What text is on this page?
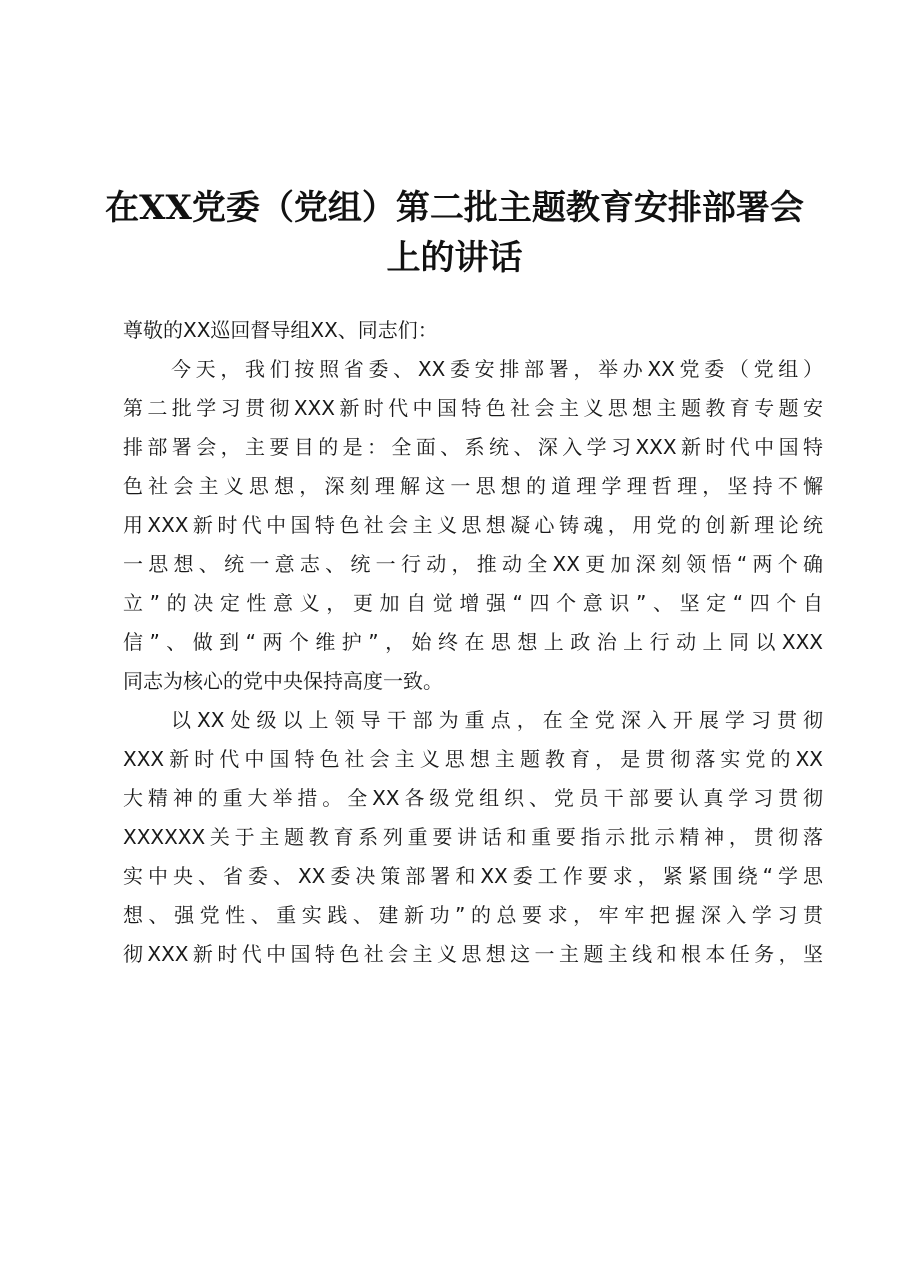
在XX党委（党组）第二批主题教育安排部署会
上的讲话
尊敬的XX巡回督导组XX、同志们：
今天，我们按照省委、XX委安排部署，举办XX党委（党组）
第二批学习贯彻XXX新时代中国特色社会主义思想主题教育专题安
排部署会，主要目的是：全面、系统、深入学习XXX新时代中国特
色社会主义思想，深刻理解这一思想的道理学理哲理，坚持不懈
用XXX新时代中国特色社会主义思想凝心铸魂，用党的创新理论统
一思想、统一意志、统一行动，推动全XX更加深刻领悟“两个确
立”的决定性意义，更加自觉增强“四个意识”、坚定“四个自
信”、做到“两个维护”，始终在思想上政治上行动上同以XXX
同志为核心的党中央保持高度一致。
以XX处级以上领导干部为重点，在全党深入开展学习贯彻
XXX新时代中国特色社会主义思想主题教育，是贯彻落实党的XX
大精神的重大举措。全XX各级党组织、党员干部要认真学习贯彻
XXXXXX关于主题教育系列重要讲话和重要指示批示精神，贯彻落
实中央、省委、XX委决策部署和XX委工作要求，紧紧围绕“学思
想、强党性、重实践、建新功”的总要求，牢牢把握深入学习贯
彻XXX新时代中国特色社会主义思想这一主题主线和根本任务，坚
